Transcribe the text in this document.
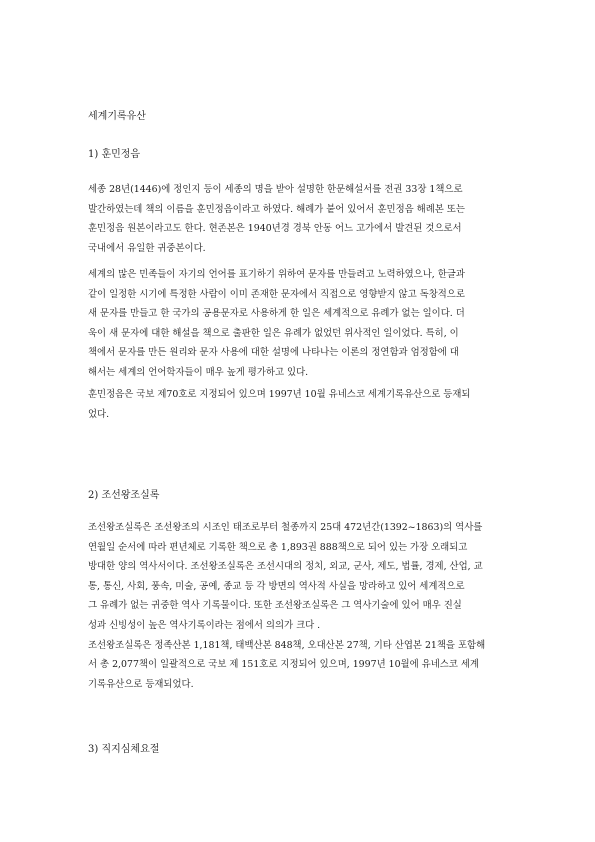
세계기록유산
1) 훈민정음
세종 28년(1446)에 정인지 등이 세종의 명을 받아 설명한 한문해설서를 전권 33장 1책으로
발간하였는데 책의 이름을 훈민정음이라고 하였다. 해례가 붙어 있어서 훈민정음 해례본 또는
훈민정음 원본이라고도 한다. 현존본은 1940년경 경북 안동 어느 고가에서 발견된 것으로서
국내에서 유일한 귀중본이다.
세계의 많은 민족들이 자기의 언어를 표기하기 위하여 문자를 만들려고 노력하였으나, 한글과
같이 일정한 시기에 특정한 사람이 이미 존재한 문자에서 직접으로 영향받지 않고 독창적으로
새 문자를 만들고 한 국가의 공용문자로 사용하게 한 일은 세계적으로 유례가 없는 일이다. 더
욱이 새 문자에 대한 해설을 책으로 출판한 일은 유례가 없었던 위사적인 일이었다. 특히, 이
책에서 문자를 만든 원리와 문자 사용에 대한 설명에 나타나는 이론의 정연함과 엄정함에 대
해서는 세계의 언어학자들이 매우 높게 평가하고 있다.
훈민정음은 국보 제70호로 지정되어 있으며 1997년 10월 유네스코 세계기록유산으로 등재되
었다.
2) 조선왕조실록
조선왕조실록은 조선왕조의 시조인 태조로부터 철종까지 25대 472년간(1392~1863)의 역사를
연월일 순서에 따라 편년체로 기록한 책으로 총 1,893권 888책으로 되어 있는 가장 오래되고
방대한 양의 역사서이다. 조선왕조실록은 조선시대의 정치, 외교, 군사, 제도, 법률, 경제, 산업, 교
통, 통신, 사회, 풍속, 미술, 공예, 종교 등 각 방면의 역사적 사실을 망라하고 있어 세계적으로
그 유례가 없는 귀중한 역사 기록물이다. 또한 조선왕조실록은 그 역사기술에 있어 매우 진실
성과 신빙성이 높은 역사기록이라는 점에서 의의가 크다 .
조선왕조실록은 정족산본 1,181책, 태백산본 848책, 오대산본 27책, 기타 산엽본 21책을 포함해
서 총 2,077책이 일괄적으로 국보 제 151호로 지정되어 있으며, 1997년 10월에 유네스코 세계
기록유산으로 등재되었다.
3) 직지심체요절
